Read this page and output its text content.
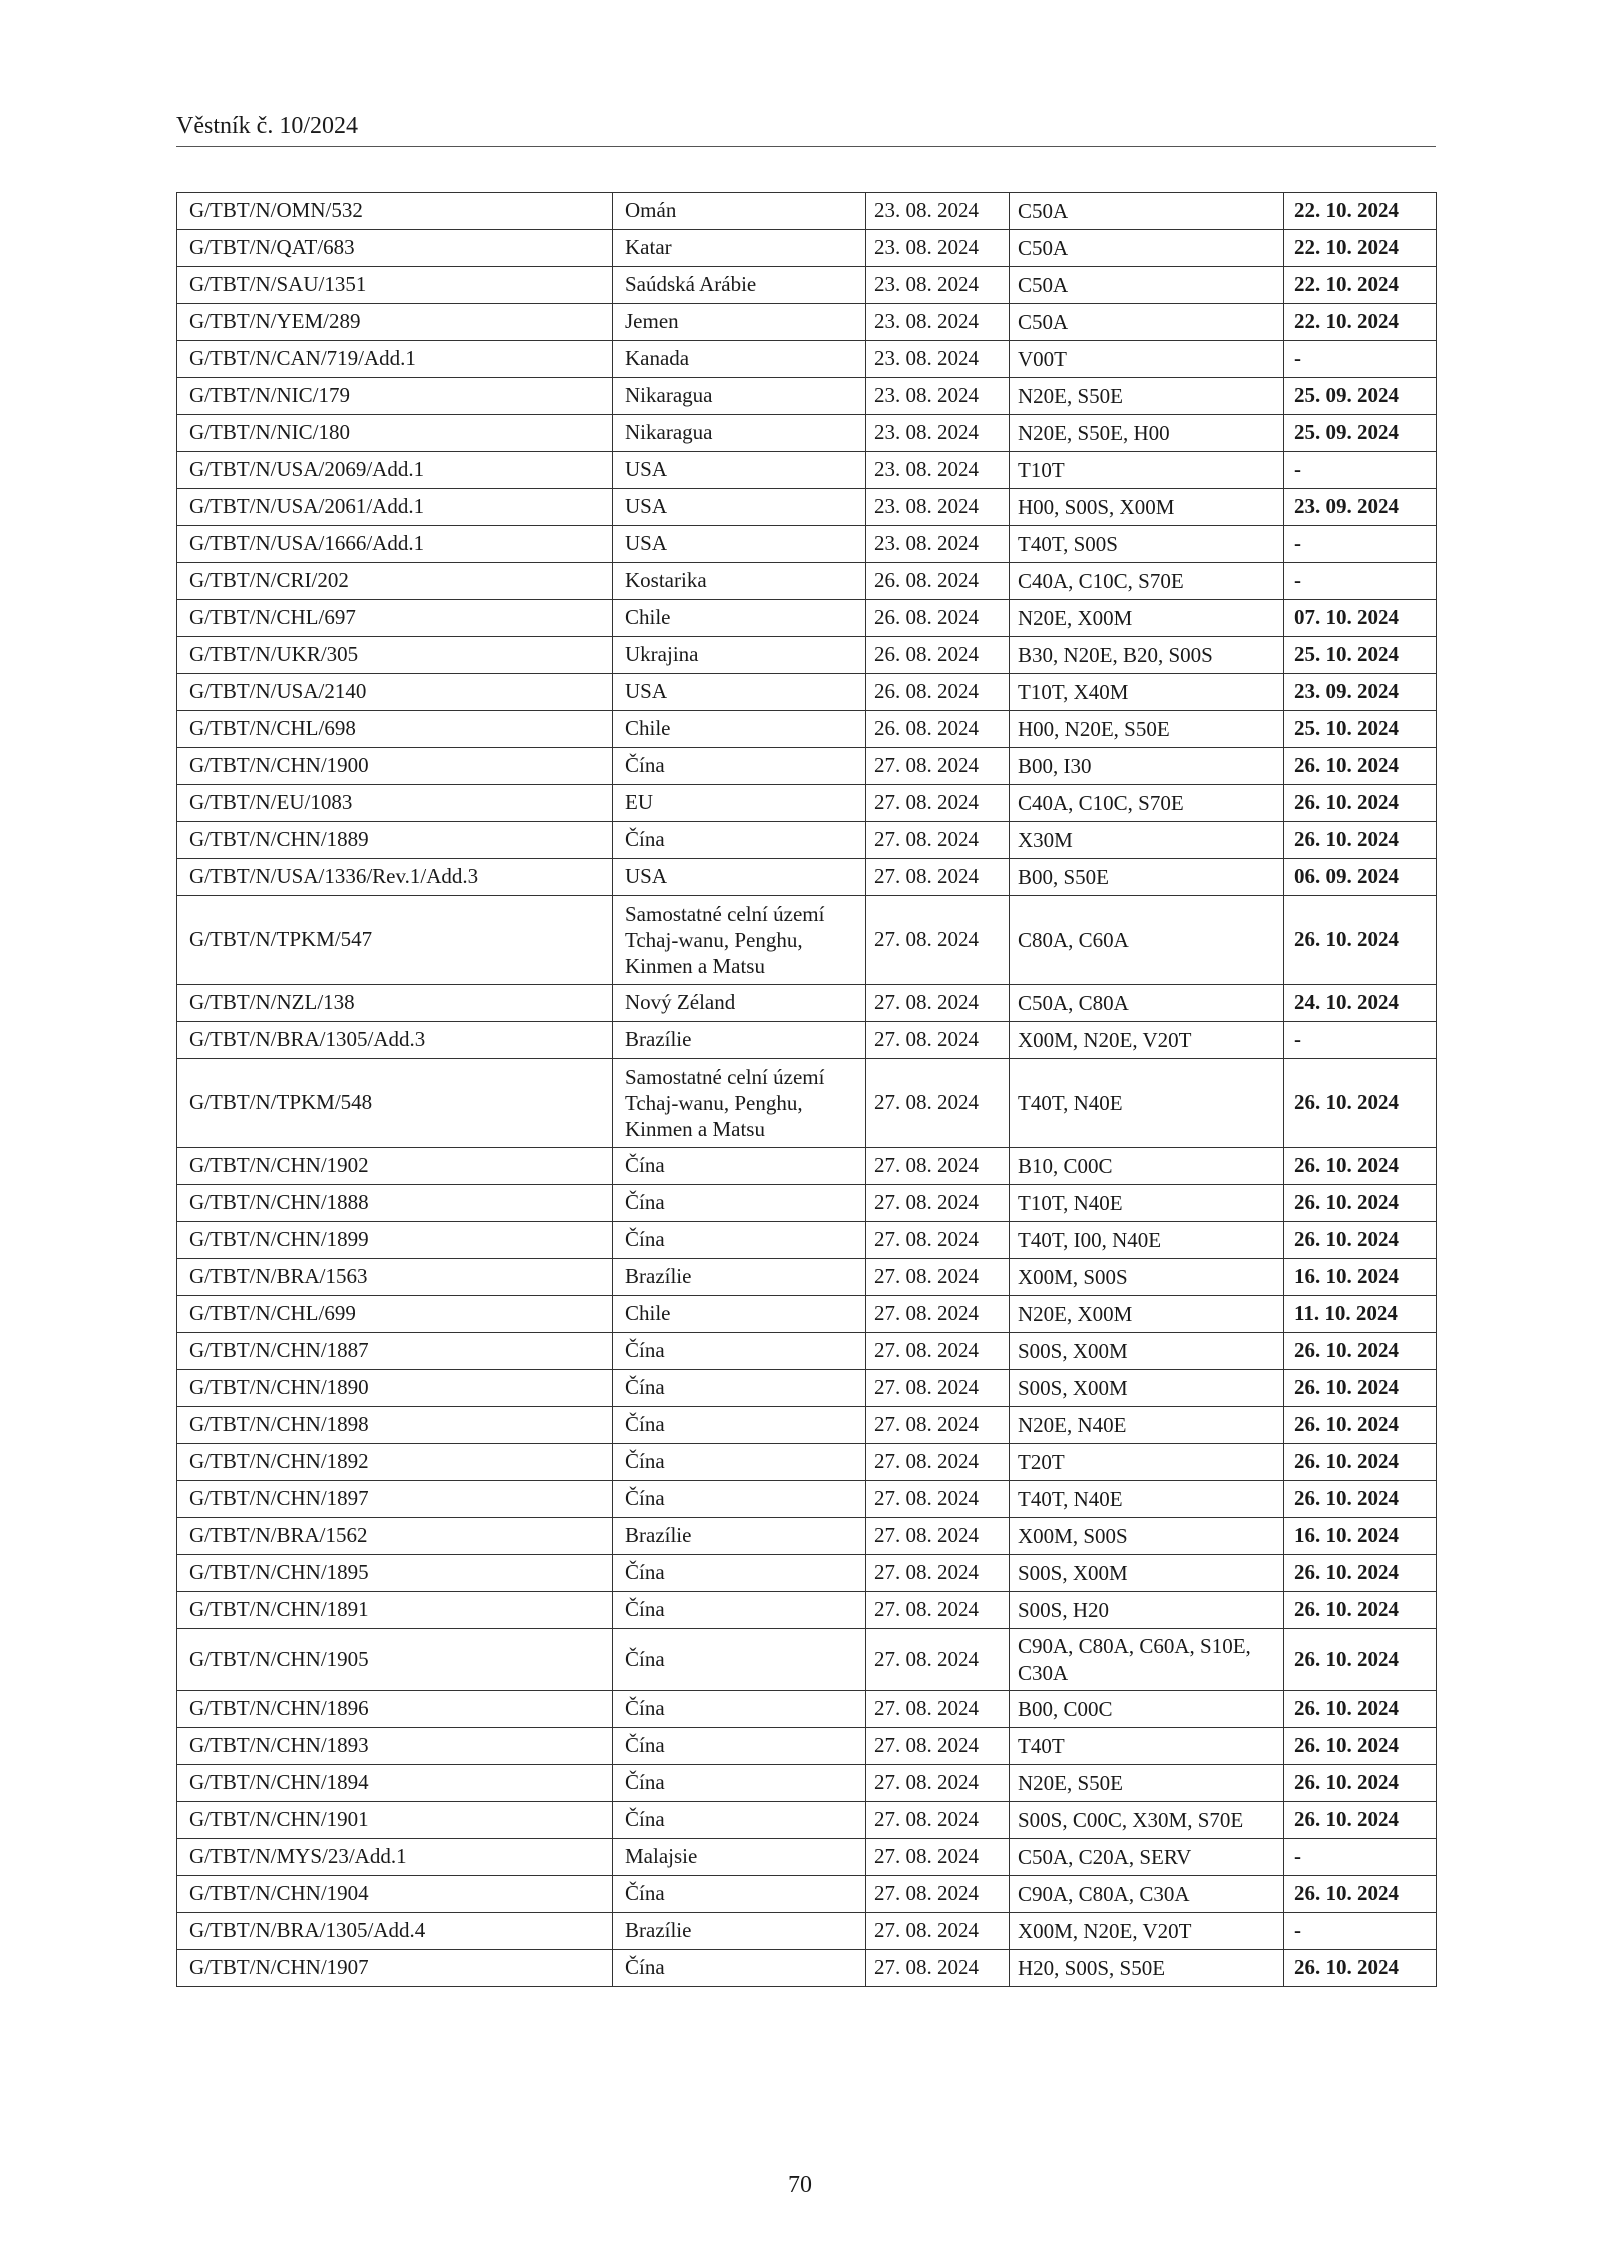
Věstník č. 10/2024
G/TBT/N/OMN/532	Omán	23. 08. 2024	C50A	22. 10. 2024
G/TBT/N/QAT/683	Katar	23. 08. 2024	C50A	22. 10. 2024
G/TBT/N/SAU/1351	Saúdská Arábie	23. 08. 2024	C50A	22. 10. 2024
G/TBT/N/YEM/289	Jemen	23. 08. 2024	C50A	22. 10. 2024
G/TBT/N/CAN/719/Add.1	Kanada	23. 08. 2024	V00T	-
G/TBT/N/NIC/179	Nikaragua	23. 08. 2024	N20E, S50E	25. 09. 2024
G/TBT/N/NIC/180	Nikaragua	23. 08. 2024	N20E, S50E, H00	25. 09. 2024
G/TBT/N/USA/2069/Add.1	USA	23. 08. 2024	T10T	-
G/TBT/N/USA/2061/Add.1	USA	23. 08. 2024	H00, S00S, X00M	23. 09. 2024
G/TBT/N/USA/1666/Add.1	USA	23. 08. 2024	T40T, S00S	-
G/TBT/N/CRI/202	Kostarika	26. 08. 2024	C40A, C10C, S70E	-
G/TBT/N/CHL/697	Chile	26. 08. 2024	N20E, X00M	07. 10. 2024
G/TBT/N/UKR/305	Ukrajina	26. 08. 2024	B30, N20E, B20, S00S	25. 10. 2024
G/TBT/N/USA/2140	USA	26. 08. 2024	T10T, X40M	23. 09. 2024
G/TBT/N/CHL/698	Chile	26. 08. 2024	H00, N20E, S50E	25. 10. 2024
G/TBT/N/CHN/1900	Čína	27. 08. 2024	B00, I30	26. 10. 2024
G/TBT/N/EU/1083	EU	27. 08. 2024	C40A, C10C, S70E	26. 10. 2024
G/TBT/N/CHN/1889	Čína	27. 08. 2024	X30M	26. 10. 2024
G/TBT/N/USA/1336/Rev.1/Add.3	USA	27. 08. 2024	B00, S50E	06. 09. 2024
G/TBT/N/TPKM/547	Samostatné celní území Tchaj-wanu, Penghu, Kinmen a Matsu	27. 08. 2024	C80A, C60A	26. 10. 2024
G/TBT/N/NZL/138	Nový Zéland	27. 08. 2024	C50A, C80A	24. 10. 2024
G/TBT/N/BRA/1305/Add.3	Brazílie	27. 08. 2024	X00M, N20E, V20T	-
G/TBT/N/TPKM/548	Samostatné celní území Tchaj-wanu, Penghu, Kinmen a Matsu	27. 08. 2024	T40T, N40E	26. 10. 2024
G/TBT/N/CHN/1902	Čína	27. 08. 2024	B10, C00C	26. 10. 2024
G/TBT/N/CHN/1888	Čína	27. 08. 2024	T10T, N40E	26. 10. 2024
G/TBT/N/CHN/1899	Čína	27. 08. 2024	T40T, I00, N40E	26. 10. 2024
G/TBT/N/BRA/1563	Brazílie	27. 08. 2024	X00M, S00S	16. 10. 2024
G/TBT/N/CHL/699	Chile	27. 08. 2024	N20E, X00M	11. 10. 2024
G/TBT/N/CHN/1887	Čína	27. 08. 2024	S00S, X00M	26. 10. 2024
G/TBT/N/CHN/1890	Čína	27. 08. 2024	S00S, X00M	26. 10. 2024
G/TBT/N/CHN/1898	Čína	27. 08. 2024	N20E, N40E	26. 10. 2024
G/TBT/N/CHN/1892	Čína	27. 08. 2024	T20T	26. 10. 2024
G/TBT/N/CHN/1897	Čína	27. 08. 2024	T40T, N40E	26. 10. 2024
G/TBT/N/BRA/1562	Brazílie	27. 08. 2024	X00M, S00S	16. 10. 2024
G/TBT/N/CHN/1895	Čína	27. 08. 2024	S00S, X00M	26. 10. 2024
G/TBT/N/CHN/1891	Čína	27. 08. 2024	S00S, H20	26. 10. 2024
G/TBT/N/CHN/1905	Čína	27. 08. 2024	C90A, C80A, C60A, S10E, C30A	26. 10. 2024
G/TBT/N/CHN/1896	Čína	27. 08. 2024	B00, C00C	26. 10. 2024
G/TBT/N/CHN/1893	Čína	27. 08. 2024	T40T	26. 10. 2024
G/TBT/N/CHN/1894	Čína	27. 08. 2024	N20E, S50E	26. 10. 2024
G/TBT/N/CHN/1901	Čína	27. 08. 2024	S00S, C00C, X30M, S70E	26. 10. 2024
G/TBT/N/MYS/23/Add.1	Malajsie	27. 08. 2024	C50A, C20A, SERV	-
G/TBT/N/CHN/1904	Čína	27. 08. 2024	C90A, C80A, C30A	26. 10. 2024
G/TBT/N/BRA/1305/Add.4	Brazílie	27. 08. 2024	X00M, N20E, V20T	-
G/TBT/N/CHN/1907	Čína	27. 08. 2024	H20, S00S, S50E	26. 10. 2024
70
